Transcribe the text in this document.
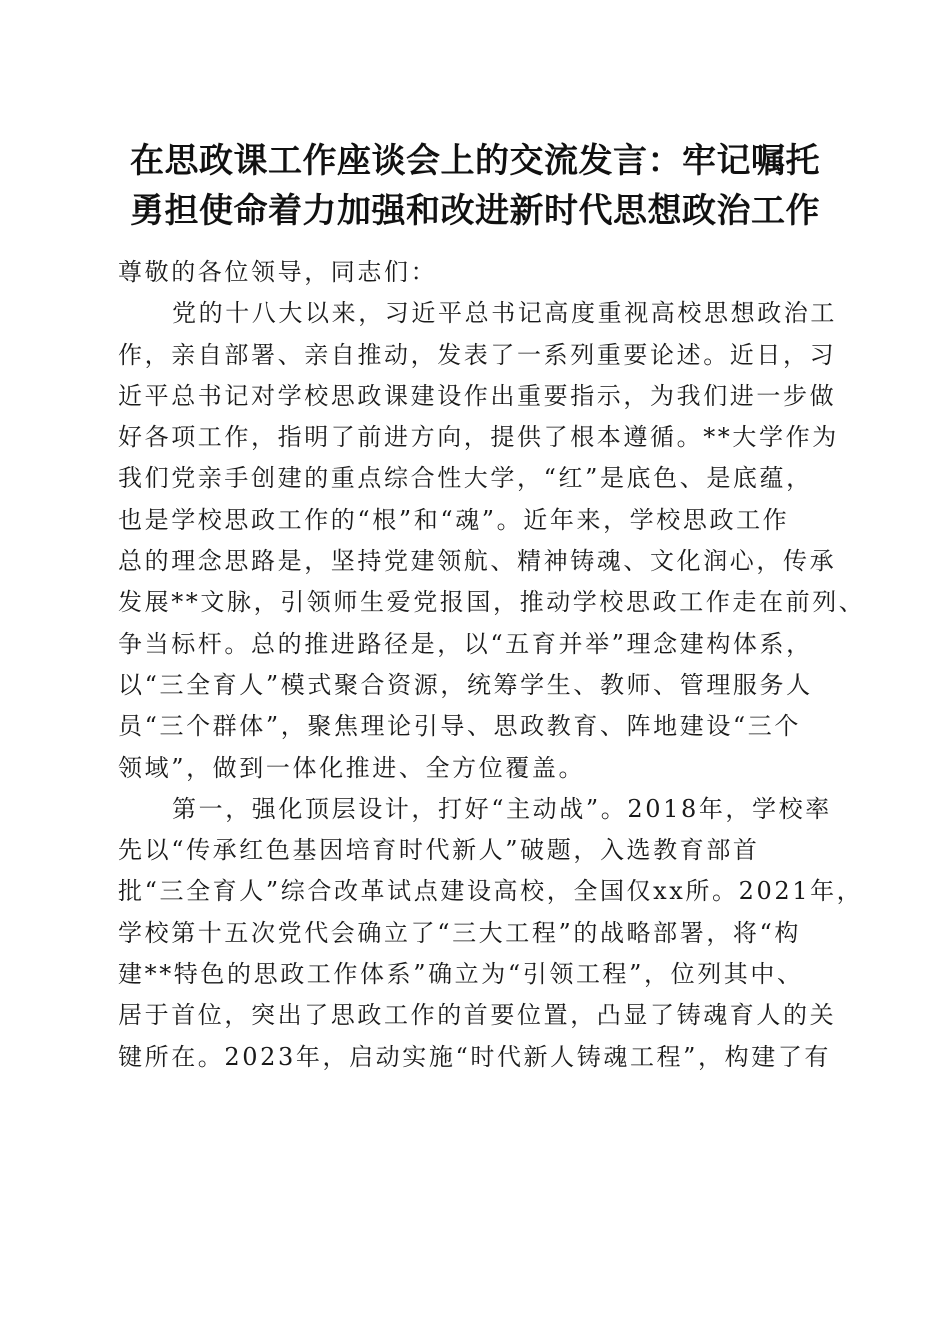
在思政课工作座谈会上的交流发言：牢记嘱托
勇担使命着力加强和改进新时代思想政治工作
尊敬的各位领导，同志们：
党的十八大以来，习近平总书记高度重视高校思想政治工
作，亲自部署、亲自推动，发表了一系列重要论述。近日，习
近平总书记对学校思政课建设作出重要指示，为我们进一步做
好各项工作，指明了前进方向，提供了根本遵循。**大学作为
我们党亲手创建的重点综合性大学，“红”是底色、是底蕴，
也是学校思政工作的“根”和“魂”。近年来，学校思政工作
总的理念思路是，坚持党建领航、精神铸魂、文化润心，传承
发展**文脉，引领师生爱党报国，推动学校思政工作走在前列、
争当标杆。总的推进路径是，以“五育并举”理念建构体系，
以“三全育人”模式聚合资源，统筹学生、教师、管理服务人
员“三个群体”，聚焦理论引导、思政教育、阵地建设“三个
领域”，做到一体化推进、全方位覆盖。
第一，强化顶层设计，打好“主动战”。2018年，学校率
先以“传承红色基因培育时代新人”破题，入选教育部首
批“三全育人”综合改革试点建设高校，全国仅xx所。2021年，
学校第十五次党代会确立了“三大工程”的战略部署，将“构
建**特色的思政工作体系”确立为“引领工程”，位列其中、
居于首位，突出了思政工作的首要位置，凸显了铸魂育人的关
键所在。2023年，启动实施“时代新人铸魂工程”，构建了有
